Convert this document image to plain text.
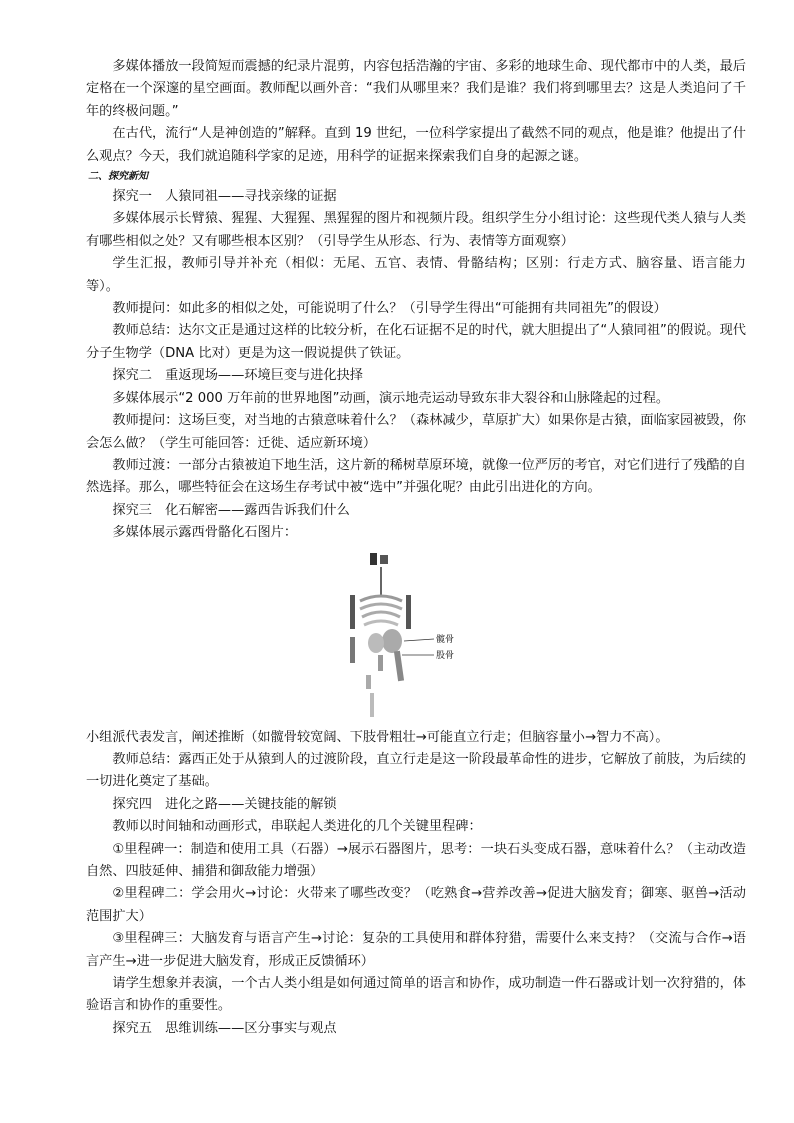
多媒体播放一段简短而震撼的纪录片混剪，内容包括浩瀚的宇宙、多彩的地球生命、现代都市中的人类，最后定格在一个深邃的星空画面。教师配以画外音：“我们从哪里来？我们是谁？我们将到哪里去？这是人类追问了千年的终极问题。”

在古代，流行“人是神创造的”解释。直到 19 世纪，一位科学家提出了截然不同的观点，他是谁？他提出了什么观点？今天，我们就追随科学家的足迹，用科学的证据来探索我们自身的起源之谜。

二、探究新知

探究一　人猿同祖——寻找亲缘的证据

多媒体展示长臂猿、猩猩、大猩猩、黑猩猩的图片和视频片段。组织学生分小组讨论：这些现代类人猿与人类有哪些相似之处？又有哪些根本区别？（引导学生从形态、行为、表情等方面观察）

学生汇报，教师引导并补充（相似：无尾、五官、表情、骨骼结构；区别：行走方式、脑容量、语言能力等）。

教师提问：如此多的相似之处，可能说明了什么？（引导学生得出“可能拥有共同祖先”的假设）

教师总结：达尔文正是通过这样的比较分析，在化石证据不足的时代，就大胆提出了“人猿同祖”的假说。现代分子生物学（DNA 比对）更是为这一假说提供了铁证。

探究二　重返现场——环境巨变与进化抉择

多媒体展示“2 000 万年前的世界地图”动画，演示地壳运动导致东非大裂谷和山脉隆起的过程。

教师提问：这场巨变，对当地的古猿意味着什么？（森林减少，草原扩大）如果你是古猿，面临家园被毁，你会怎么做？（学生可能回答：迁徙、适应新环境）

教师过渡：一部分古猿被迫下地生活，这片新的稀树草原环境，就像一位严厉的考官，对它们进行了残酷的自然选择。那么，哪些特征会在这场生存考试中被“选中”并强化呢？由此引出进化的方向。

探究三　化石解密——露西告诉我们什么

多媒体展示露西骨骼化石图片：

髋骨
股骨

小组派代表发言，阐述推断（如髋骨较宽阔、下肢骨粗壮→可能直立行走；但脑容量小→智力不高）。

教师总结：露西正处于从猿到人的过渡阶段，直立行走是这一阶段最革命性的进步，它解放了前肢，为后续的一切进化奠定了基础。

探究四　进化之路——关键技能的解锁

教师以时间轴和动画形式，串联起人类进化的几个关键里程碑：

①里程碑一：制造和使用工具（石器）→展示石器图片，思考：一块石头变成石器，意味着什么？（主动改造自然、四肢延伸、捕猎和御敌能力增强）

②里程碑二：学会用火→讨论：火带来了哪些改变？（吃熟食→营养改善→促进大脑发育；御寒、驱兽→活动范围扩大）

③里程碑三：大脑发育与语言产生→讨论：复杂的工具使用和群体狩猎，需要什么来支持？（交流与合作→语言产生→进一步促进大脑发育，形成正反馈循环）

请学生想象并表演，一个古人类小组是如何通过简单的语言和协作，成功制造一件石器或计划一次狩猎的，体验语言和协作的重要性。

探究五　思维训练——区分事实与观点
